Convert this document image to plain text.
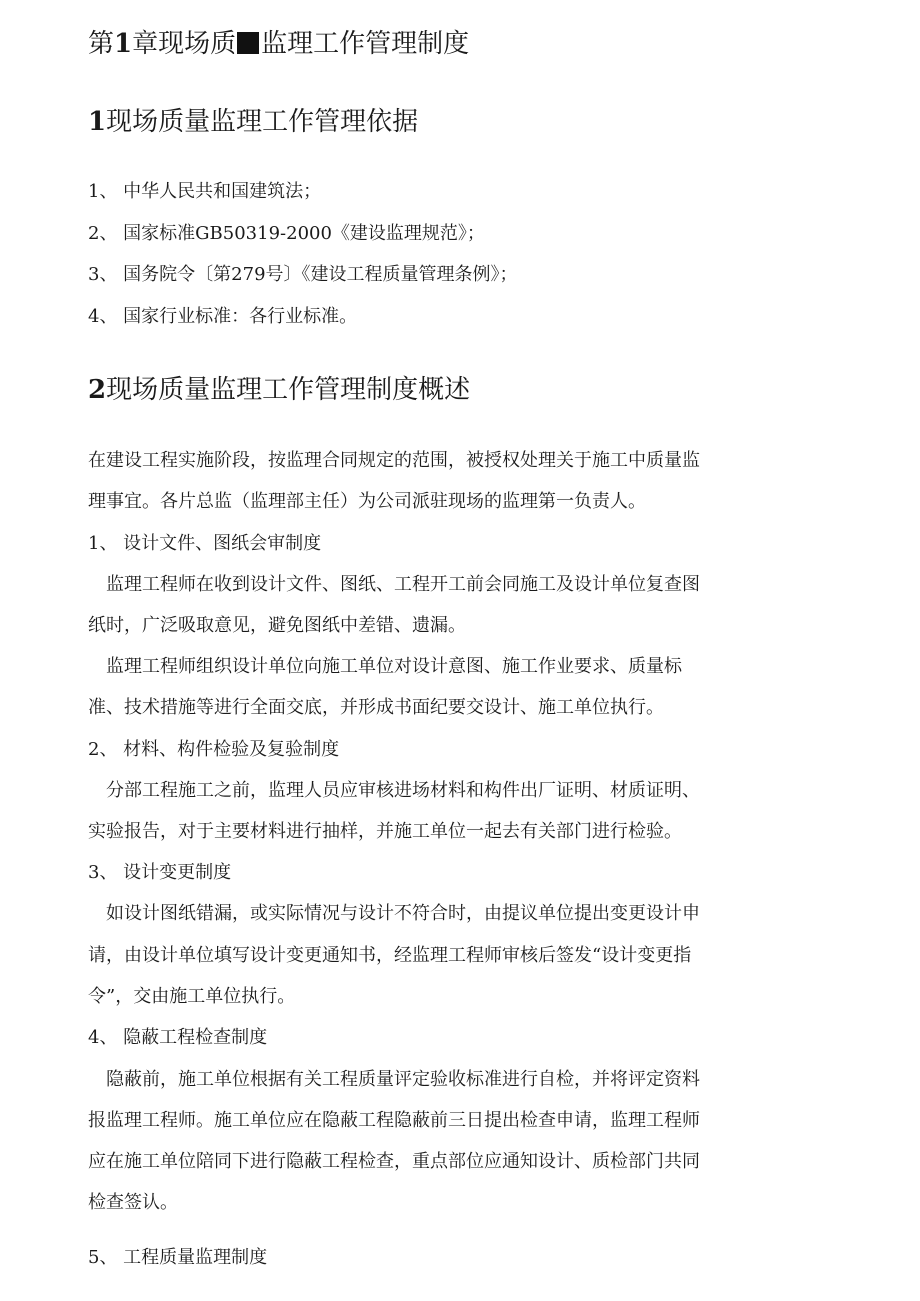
第1章现场质 监理工作管理制度
1现场质量监理工作管理依据
1、 中华人民共和国建筑法；
2、 国家标准GB50319-2000《建设监理规范》；
3、 国务院令〔第279号〕《建设工程质量管理条例》；
4、 国家行业标准：各行业标准。
2现场质量监理工作管理制度概述
在建设工程实施阶段，按监理合同规定的范围，被授权处理关于施工中质量监
理事宜。各片总监（监理部主任）为公司派驻现场的监理第一负责人。
1、 设计文件、图纸会审制度
监理工程师在收到设计文件、图纸、工程开工前会同施工及设计单位复查图
纸时，广泛吸取意见，避免图纸中差错、遗漏。
监理工程师组织设计单位向施工单位对设计意图、施工作业要求、质量标
准、技术措施等进行全面交底，并形成书面纪要交设计、施工单位执行。
2、 材料、构件检验及复验制度
分部工程施工之前，监理人员应审核进场材料和构件出厂证明、材质证明、
实验报告，对于主要材料进行抽样，并施工单位一起去有关部门进行检验。
3、 设计变更制度
如设计图纸错漏，或实际情况与设计不符合时，由提议单位提出变更设计申
请，由设计单位填写设计变更通知书，经监理工程师审核后签发“设计变更指
令”，交由施工单位执行。
4、 隐蔽工程检查制度
隐蔽前，施工单位根据有关工程质量评定验收标准进行自检，并将评定资料
报监理工程师。施工单位应在隐蔽工程隐蔽前三日提出检查申请，监理工程师
应在施工单位陪同下进行隐蔽工程检查，重点部位应通知设计、质检部门共同
检查签认。
5、 工程质量监理制度
